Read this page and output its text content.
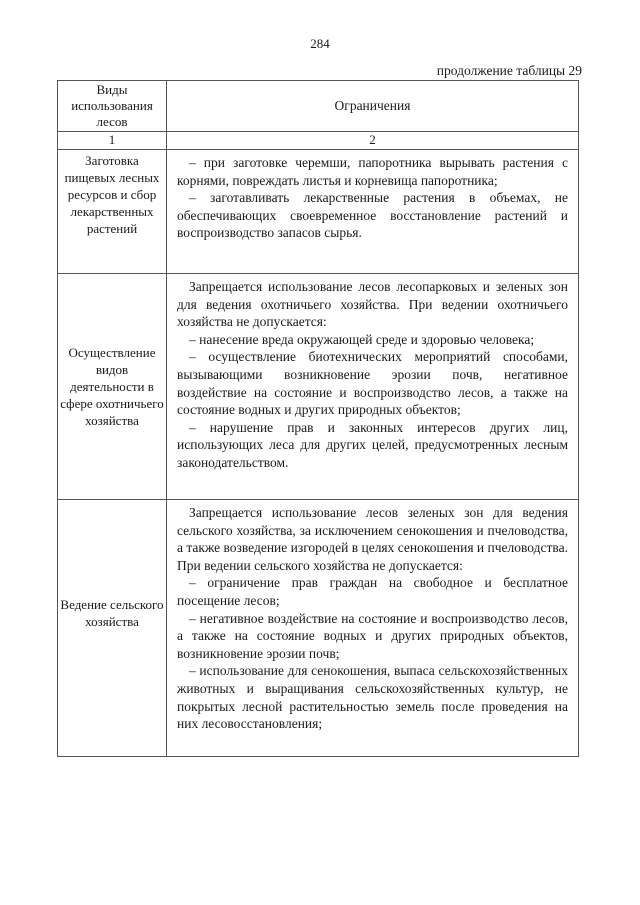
284
продолжение таблицы 29
Виды использования лесов	Ограничения
1	2
Заготовка пищевых лесных ресурсов и сбор лекарственных растений	– при заготовке черемши, папоротника вырывать растения с корнями, повреждать листья и корневища папоротника;

– заготавливать лекарственные растения в объемах, не обеспечивающих своевременное восстановление растений и воспроизводство запасов сырья.

Осуществление видов деятельности в сфере охотничьего хозяйства	Запрещается использование лесов лесопарковых и зеленых зон для ведения охотничьего хозяйства. При ведении охотничьего хозяйства не допускается:

– нанесение вреда окружающей среде и здоровью человека;

– осуществление биотехнических мероприятий способами, вызывающими возникновение эрозии почв, негативное воздействие на состояние и воспроизводство лесов, а также на состояние водных и других природных объектов;

– нарушение прав и законных интересов других лиц, использующих леса для других целей, предусмотренных лесным законодательством.

Ведение сельского хозяйства	Запрещается использование лесов зеленых зон для ведения сельского хозяйства, за исключением сенокошения и пчеловодства, а также возведение изгородей в целях сенокошения и пчеловодства. При ведении сельского хозяйства не допускается:

– ограничение прав граждан на свободное и бесплатное посещение лесов;

– негативное воздействие на состояние и воспроизводство лесов, а также на состояние водных и других природных объектов, возникновение эрозии почв;

– использование для сенокошения, выпаса сельскохозяйственных животных и выращивания сельскохозяйственных культур, не покрытых лесной растительностью земель после проведения на них лесовосстановления;
